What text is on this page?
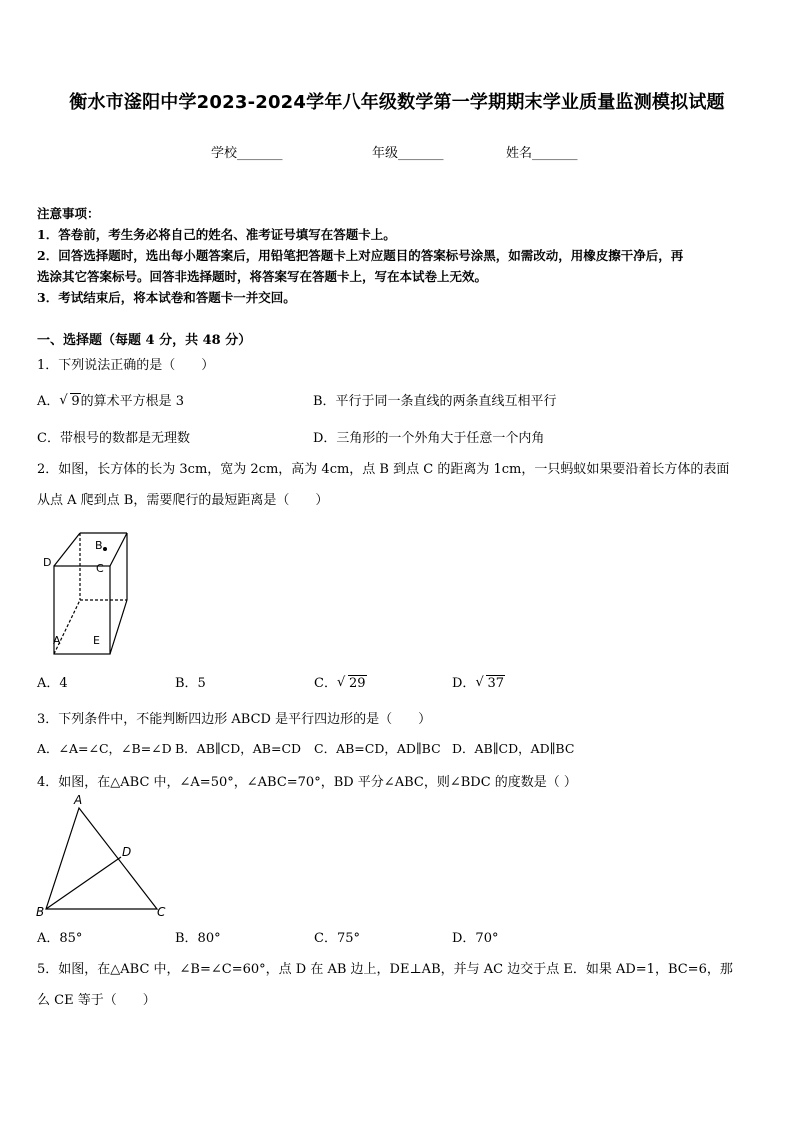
衡水市滏阳中学2023-2024学年八年级数学第一学期期末学业质量监测模拟试题
学校_______	年级_______	姓名_______
注意事项：
1．答卷前，考生务必将自己的姓名、准考证号填写在答题卡上。
2．回答选择题时，选出每小题答案后，用铅笔把答题卡上对应题目的答案标号涂黑，如需改动，用橡皮擦干净后，再
选涂其它答案标号。回答非选择题时，将答案写在答题卡上，写在本试卷上无效。
3．考试结束后，将本试卷和答题卡一并交回。
一、选择题（每题 4 分，共 48 分）
1．下列说法正确的是（　　）
A． √ 9的算术平方根是 3	B．平行于同一条直线的两条直线互相平行
C．带根号的数都是无理数	D．三角形的一个外角大于任意一个内角
2．如图，长方体的长为 3cm，宽为 2cm，高为 4cm，点 B 到点 C 的距离为 1cm，一只蚂蚁如果要沿着长方体的表面
从点 A 爬到点 B，需要爬行的最短距离是（　　）
B
C
D
A	E
A．4	B．5	C． √ 29	D． √ 37
3．下列条件中，不能判断四边形 ABCD 是平行四边形的是（　　）
A．∠A=∠C，∠B=∠D B．AB∥CD，AB=CD C．AB=CD，AD∥BC D．AB∥CD，AD∥BC
4．如图，在△ABC 中，∠A=50°，∠ABC=70°，BD 平分∠ABC，则∠BDC 的度数是（ ）
A
D
B	C
A．85°	B．80°	C．75°	D．70°
5．如图，在△ABC 中，∠B=∠C=60°，点 D 在 AB 边上，DE⊥AB，并与 AC 边交于点 E．如果 AD=1，BC=6，那
么 CE 等于（　　）
